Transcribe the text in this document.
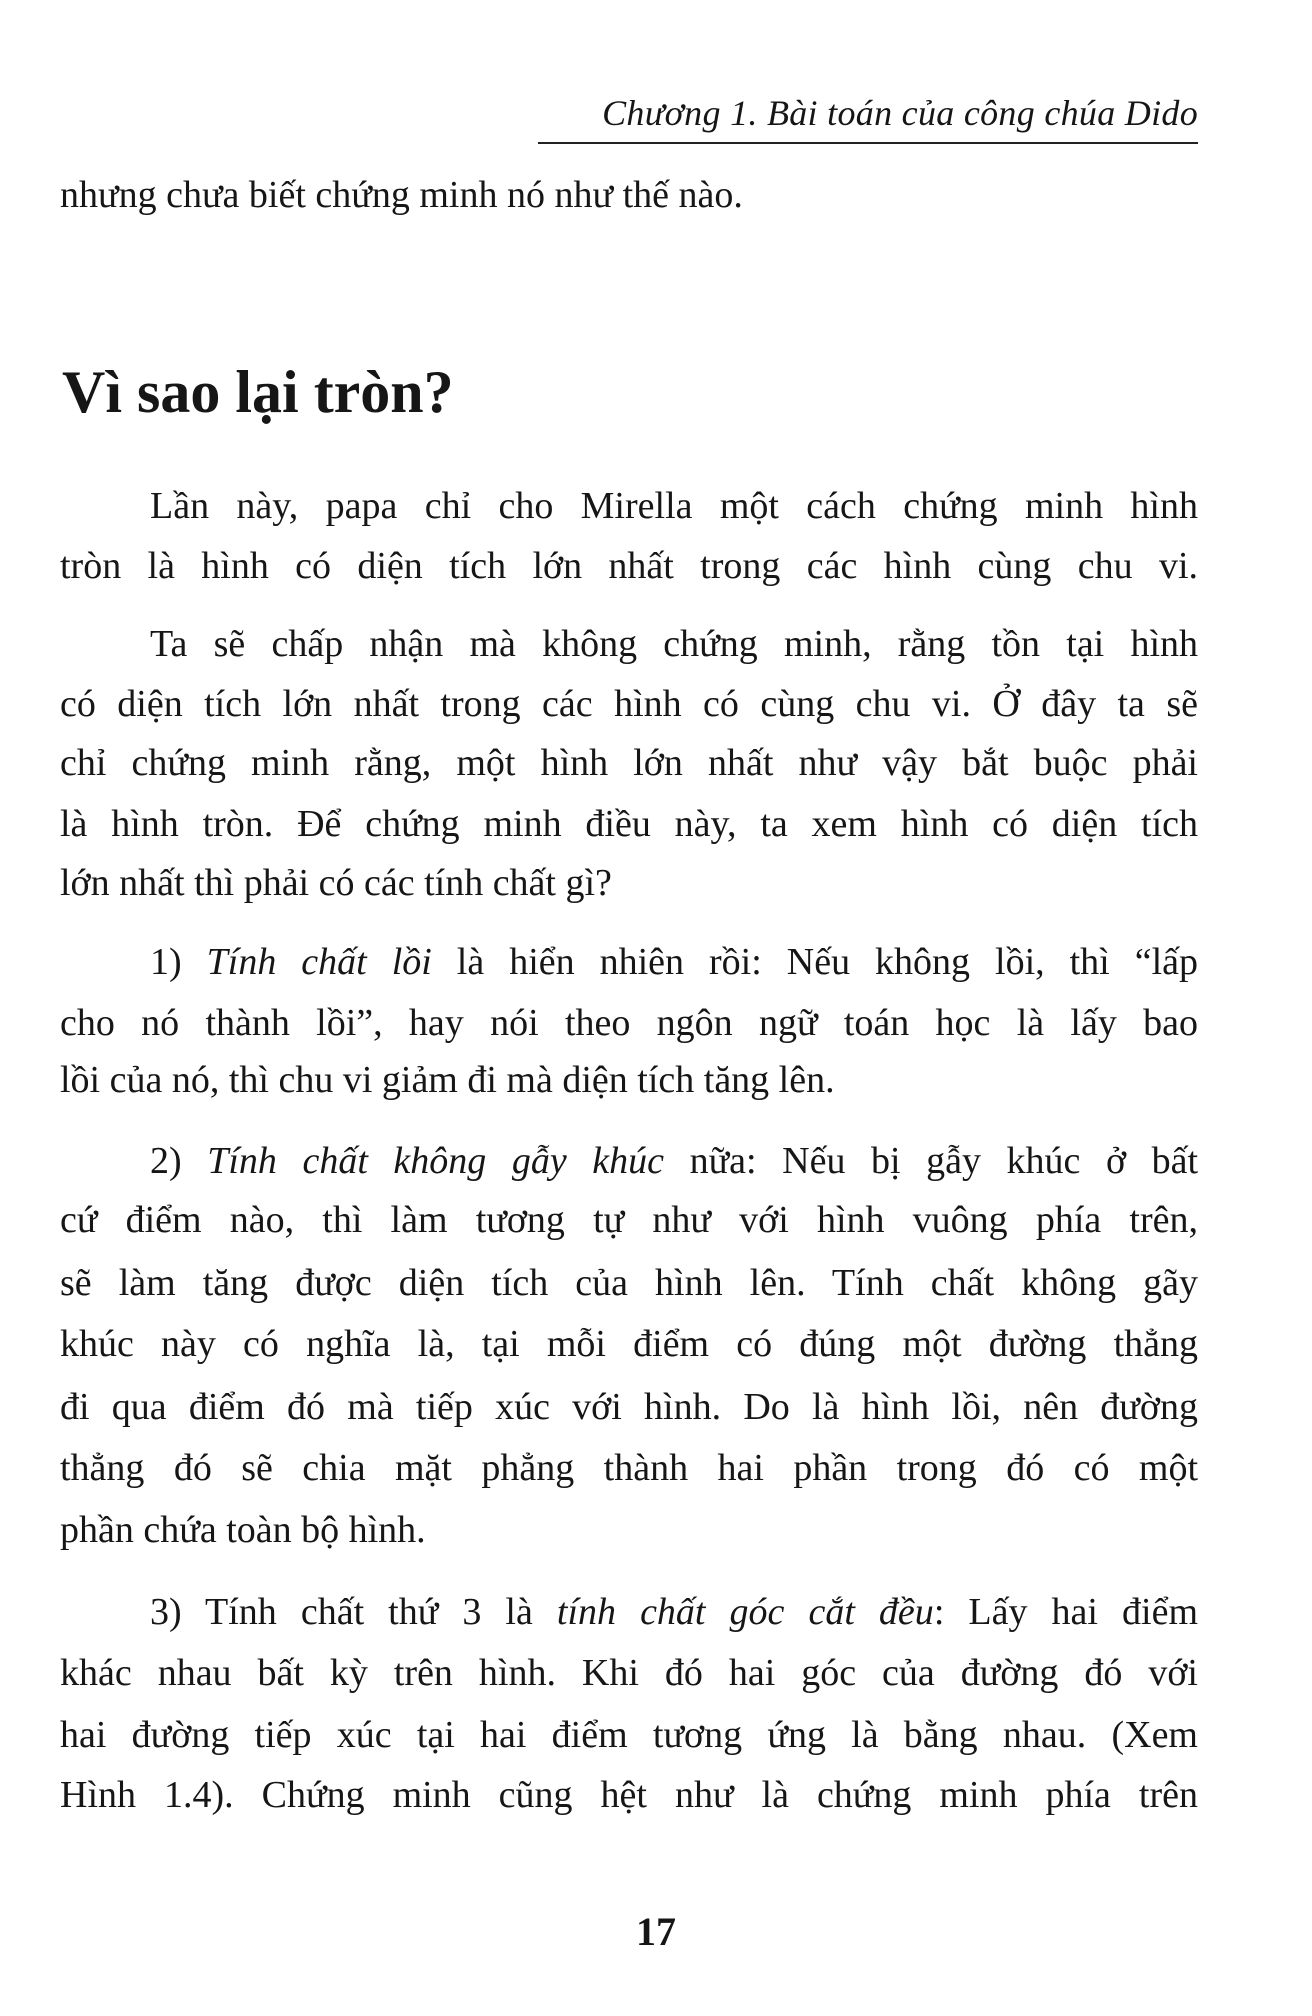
Chương 1. Bài toán của công chúa Dido
Vì sao lại tròn?
nhưng chưa biết chứng minh nó như thế nào.
Lần này, papa chỉ cho Mirella một cách chứng minh hình
tròn là hình có diện tích lớn nhất trong các hình cùng chu vi.
Ta sẽ chấp nhận mà không chứng minh, rằng tồn tại hình
có diện tích lớn nhất trong các hình có cùng chu vi. Ở đây ta sẽ
chỉ chứng minh rằng, một hình lớn nhất như vậy bắt buộc phải
là hình tròn. Để chứng minh điều này, ta xem hình có diện tích
lớn nhất thì phải có các tính chất gì?
1) Tính chất lồi là hiển nhiên rồi: Nếu không lồi, thì “lấp
cho nó thành lồi”, hay nói theo ngôn ngữ toán học là lấy bao
lồi của nó, thì chu vi giảm đi mà diện tích tăng lên.
2) Tính chất không gẫy khúc nữa: Nếu bị gẫy khúc ở bất
cứ điểm nào, thì làm tương tự như với hình vuông phía trên,
sẽ làm tăng được diện tích của hình lên. Tính chất không gãy
khúc này có nghĩa là, tại mỗi điểm có đúng một đường thẳng
đi qua điểm đó mà tiếp xúc với hình. Do là hình lồi, nên đường
thẳng đó sẽ chia mặt phẳng thành hai phần trong đó có một
phần chứa toàn bộ hình.
3) Tính chất thứ 3 là tính chất góc cắt đều: Lấy hai điểm
khác nhau bất kỳ trên hình. Khi đó hai góc của đường đó với
hai đường tiếp xúc tại hai điểm tương ứng là bằng nhau. (Xem
Hình 1.4). Chứng minh cũng hệt như là chứng minh phía trên
17
